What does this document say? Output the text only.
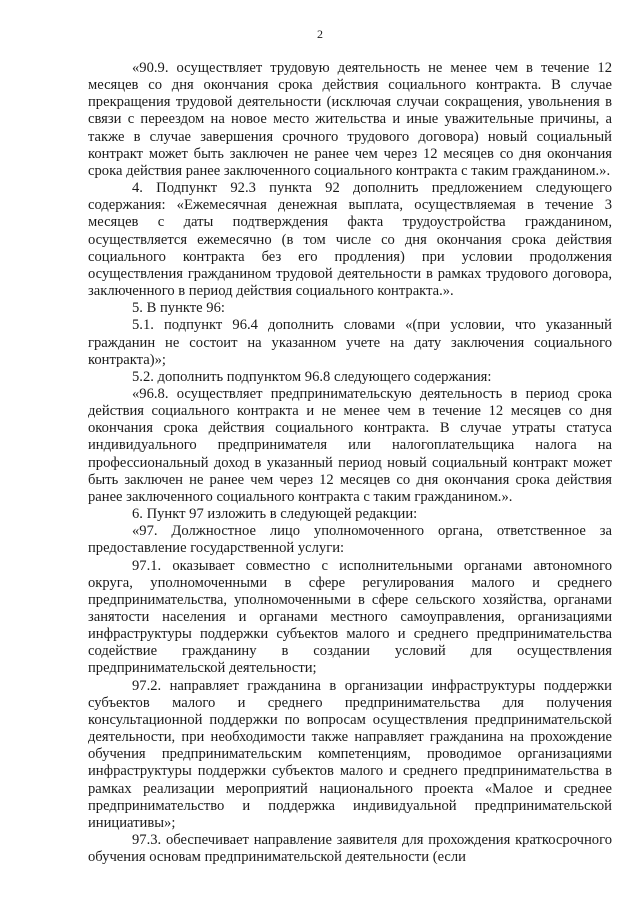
2

«90.9. осуществляет трудовую деятельность не менее чем в течение 12 месяцев со дня окончания срока действия социального контракта. В случае прекращения трудовой деятельности (исключая случаи сокращения, увольнения в связи с переездом на новое место жительства и иные уважительные причины, а также в случае завершения срочного трудового договора) новый социальный контракт может быть заключен не ранее чем через 12 месяцев со дня окончания срока действия ранее заключенного социального контракта с таким гражданином.».

4. Подпункт 92.3 пункта 92 дополнить предложением следующего содержания: «Ежемесячная денежная выплата, осуществляемая в течение 3 месяцев с даты подтверждения факта трудоустройства гражданином, осуществляется ежемесячно (в том числе со дня окончания срока действия социального контракта без его продления) при условии продолжения осуществления гражданином трудовой деятельности в рамках трудового договора, заключенного в период действия социального контракта.».

5. В пункте 96:

5.1. подпункт 96.4 дополнить словами «(при условии, что указанный гражданин не состоит на указанном учете на дату заключения социального контракта)»;

5.2. дополнить подпунктом 96.8 следующего содержания:

«96.8. осуществляет предпринимательскую деятельность в период срока действия социального контракта и не менее чем в течение 12 месяцев со дня окончания срока действия социального контракта. В случае утраты статуса индивидуального предпринимателя или налогоплательщика налога на профессиональный доход в указанный период новый социальный контракт может быть заключен не ранее чем через 12 месяцев со дня окончания срока действия ранее заключенного социального контракта с таким гражданином.».

6. Пункт 97 изложить в следующей редакции:

«97. Должностное лицо уполномоченного органа, ответственное за предоставление государственной услуги:

97.1. оказывает совместно с исполнительными органами автономного округа, уполномоченными в сфере регулирования малого и среднего предпринимательства, уполномоченными в сфере сельского хозяйства, органами занятости населения и органами местного самоуправления, организациями инфраструктуры поддержки субъектов малого и среднего предпринимательства содействие гражданину в создании условий для осуществления предпринимательской деятельности;

97.2. направляет гражданина в организации инфраструктуры поддержки субъектов малого и среднего предпринимательства для получения консультационной поддержки по вопросам осуществления предпринимательской деятельности, при необходимости также направляет гражданина на прохождение обучения предпринимательским компетенциям, проводимое организациями инфраструктуры поддержки субъектов малого и среднего предпринимательства в рамках реализации мероприятий национального проекта «Малое и среднее предпринимательство и поддержка индивидуальной предпринимательской инициативы»;

97.3. обеспечивает направление заявителя для прохождения краткосрочного обучения основам предпринимательской деятельности (если
